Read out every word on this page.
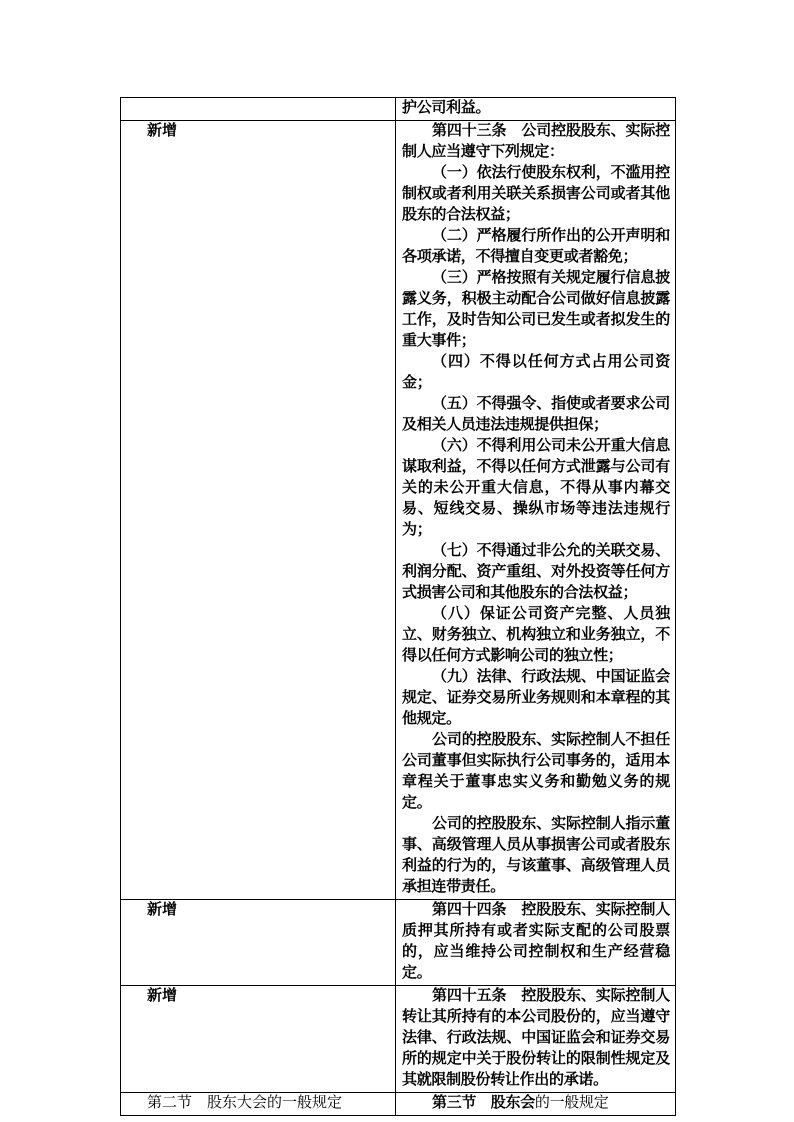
	护公司利益。

新增	第四十三条　公司控股股东、实际控制人应当遵守下列规定：

（一）依法行使股东权利，不滥用控制权或者利用关联关系损害公司或者其他股东的合法权益；

（二）严格履行所作出的公开声明和各项承诺，不得擅自变更或者豁免；

（三）严格按照有关规定履行信息披露义务，积极主动配合公司做好信息披露工作，及时告知公司已发生或者拟发生的重大事件；

（四）不得以任何方式占用公司资金；

（五）不得强令、指使或者要求公司及相关人员违法违规提供担保；

（六）不得利用公司未公开重大信息谋取利益，不得以任何方式泄露与公司有关的未公开重大信息，不得从事内幕交易、短线交易、操纵市场等违法违规行为；

（七）不得通过非公允的关联交易、利润分配、资产重组、对外投资等任何方式损害公司和其他股东的合法权益；

（八）保证公司资产完整、人员独立、财务独立、机构独立和业务独立，不得以任何方式影响公司的独立性；

（九）法律、行政法规、中国证监会规定、证券交易所业务规则和本章程的其他规定。

公司的控股股东、实际控制人不担任公司董事但实际执行公司事务的，适用本章程关于董事忠实义务和勤勉义务的规定。

公司的控股股东、实际控制人指示董事、高级管理人员从事损害公司或者股东利益的行为的，与该董事、高级管理人员承担连带责任。

新增	第四十四条　控股股东、实际控制人质押其所持有或者实际支配的公司股票的，应当维持公司控制权和生产经营稳定。

新增	第四十五条　控股股东、实际控制人转让其所持有的本公司股份的，应当遵守法律、行政法规、中国证监会和证券交易所的规定中关于股份转让的限制性规定及其就限制股份转让作出的承诺。

第二节　股东大会的一般规定	第三节　股东会的一般规定
